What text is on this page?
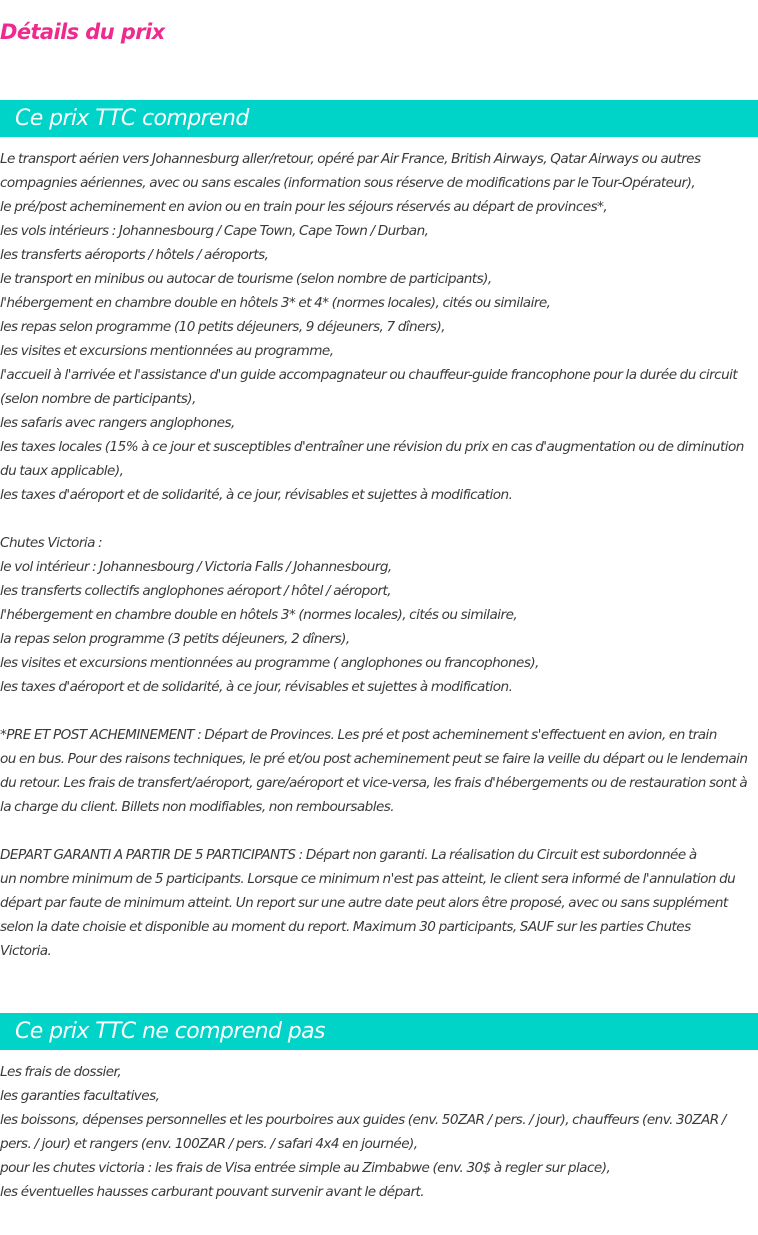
Détails du prix
Ce prix TTC comprend
Le transport aérien vers Johannesburg aller/retour, opéré par Air France, British Airways, Qatar Airways ou autres
compagnies aériennes, avec ou sans escales (information sous réserve de modifications par le Tour-Opérateur),
le pré/post acheminement en avion ou en train pour les séjours réservés au départ de provinces*,
les vols intérieurs : Johannesbourg / Cape Town, Cape Town / Durban,
les transferts aéroports / hôtels / aéroports,
le transport en minibus ou autocar de tourisme (selon nombre de participants),
l'hébergement en chambre double en hôtels 3* et 4* (normes locales), cités ou similaire,
les repas selon programme (10 petits déjeuners, 9 déjeuners, 7 dîners),
les visites et excursions mentionnées au programme,
l'accueil à l'arrivée et l'assistance d'un guide accompagnateur ou chauffeur-guide francophone pour la durée du circuit
(selon nombre de participants),
les safaris avec rangers anglophones,
les taxes locales (15% à ce jour et susceptibles d'entraîner une révision du prix en cas d'augmentation ou de diminution
du taux applicable),
les taxes d'aéroport et de solidarité, à ce jour, révisables et sujettes à modification.
Chutes Victoria :
le vol intérieur : Johannesbourg / Victoria Falls / Johannesbourg,
les transferts collectifs anglophones aéroport / hôtel / aéroport,
l'hébergement en chambre double en hôtels 3* (normes locales), cités ou similaire,
la repas selon programme (3 petits déjeuners, 2 dîners),
les visites et excursions mentionnées au programme ( anglophones ou francophones),
les taxes d'aéroport et de solidarité, à ce jour, révisables et sujettes à modification.
*PRE ET POST ACHEMINEMENT : Départ de Provinces. Les pré et post acheminement s'effectuent en avion, en train
ou en bus. Pour des raisons techniques, le pré et/ou post acheminement peut se faire la veille du départ ou le lendemain
du retour. Les frais de transfert/aéroport, gare/aéroport et vice-versa, les frais d'hébergements ou de restauration sont à
la charge du client. Billets non modifiables, non remboursables.
DEPART GARANTI A PARTIR DE 5 PARTICIPANTS : Départ non garanti. La réalisation du Circuit est subordonnée à
un nombre minimum de 5 participants. Lorsque ce minimum n'est pas atteint, le client sera informé de l'annulation du
départ par faute de minimum atteint. Un report sur une autre date peut alors être proposé, avec ou sans supplément
selon la date choisie et disponible au moment du report. Maximum 30 participants, SAUF sur les parties Chutes
Victoria.
Ce prix TTC ne comprend pas
Les frais de dossier,
les garanties facultatives,
les boissons, dépenses personnelles et les pourboires aux guides (env. 50ZAR / pers. / jour), chauffeurs (env. 30ZAR /
pers. / jour) et rangers (env. 100ZAR / pers. / safari 4x4 en journée),
pour les chutes victoria : les frais de Visa entrée simple au Zimbabwe (env. 30$ à regler sur place),
les éventuelles hausses carburant pouvant survenir avant le départ.
